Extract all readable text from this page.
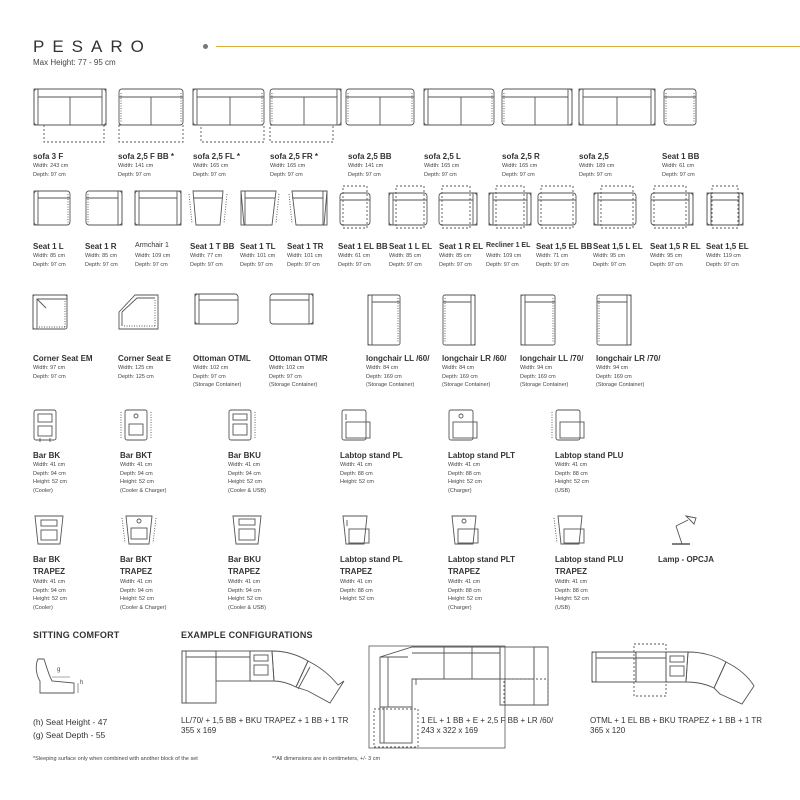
PESARO
Max Height: 77 - 95 cm
sofa 3 F
Width: 243 cm
Depth: 97 cm
sofa 2,5 F BB *
Width: 141 cm
Depth: 97 cm
sofa 2,5 FL *
Width: 165 cm
Depth: 97 cm
sofa 2,5 FR *
Width: 165 cm
Depth: 97 cm
sofa 2,5 BB
Width: 141 cm
Depth: 97 cm
sofa 2,5 L
Width: 165 cm
Depth: 97 cm
sofa 2,5 R
Width: 165 cm
Depth: 97 cm
sofa 2,5
Width: 189 cm
Depth: 97 cm
Seat 1 BB
Width: 61 cm
Depth: 97 cm
Seat 1 L
Width: 85 cm
Depth: 97 cm
Seat 1 R
Width: 85 cm
Depth: 97 cm
Armchair 1
Width: 109 cm
Depth: 97 cm
Seat 1 T BB
Width: 77 cm
Depth: 97 cm
Seat 1 TL
Width: 101 cm
Depth: 97 cm
Seat 1 TR
Width: 101 cm
Depth: 97 cm
Seat 1 EL BB
Width: 61 cm
Depth: 97 cm
Seat 1 L EL
Width: 85 cm
Depth: 97 cm
Seat 1 R EL
Width: 85 cm
Depth: 97 cm
Recliner 1 EL
Width: 109 cm
Depth: 97 cm
Seat 1,5 EL BB
Width: 71 cm
Depth: 97 cm
Seat 1,5 L EL
Width: 95 cm
Depth: 97 cm
Seat 1,5 R EL
Width: 95 cm
Depth: 97 cm
Seat 1,5 EL
Width: 119 cm
Depth: 97 cm
Corner Seat EM
Width: 97 cm
Depth: 97 cm
Corner Seat E
Width: 125 cm
Depth: 125 cm
Ottoman OTML
Width: 102 cm
Depth: 97 cm
(Storage Container)
Ottoman OTMR
Width: 102 cm
Depth: 97 cm
(Storage Container)
longchair LL /60/
Width: 84 cm
Depth: 169 cm
(Storage Container)
longchair LR /60/
Width: 84 cm
Depth: 169 cm
(Storage Container)
longchair LL /70/
Width: 94 cm
Depth: 169 cm
(Storage Container)
longchair LR /70/
Width: 94 cm
Depth: 169 cm
(Storage Container)
Bar BK
Width: 41 cm
Depth: 94 cm
Height: 52 cm
(Cooler)
Bar BKT
Width: 41 cm
Depth: 94 cm
Height: 52 cm
(Cooler & Charger)
Bar BKU
Width: 41 cm
Depth: 94 cm
Height: 52 cm
(Cooler & USB)
Labtop stand PL
Width: 41 cm
Depth: 88 cm
Height: 52 cm
Labtop stand PLT
Width: 41 cm
Depth: 88 cm
Height: 52 cm
(Charger)
Labtop stand PLU
Width: 41 cm
Depth: 88 cm
Height: 52 cm
(USB)
Bar BK
TRAPEZ
Width: 41 cm
Depth: 94 cm
Height: 52 cm
(Cooler)
Bar BKT
TRAPEZ
Width: 41 cm
Depth: 94 cm
Height: 52 cm
(Cooler & Charger)
Bar BKU
TRAPEZ
Width: 41 cm
Depth: 94 cm
Height: 52 cm
(Cooler & USB)
Labtop stand PL
TRAPEZ
Width: 41 cm
Depth: 88 cm
Height: 52 cm
Labtop stand PLT
TRAPEZ
Width: 41 cm
Depth: 88 cm
Height: 52 cm
(Charger)
Labtop stand PLU
TRAPEZ
Width: 41 cm
Depth: 88 cm
Height: 52 cm
(USB)
Lamp - OPCJA
SITTING COMFORT	EXAMPLE CONFIGURATIONS
g
h
(h) Seat Height - 47
(g) Seat Depth - 55
LL/70/ + 1,5 BB + BKU TRAPEZ + 1 BB + 1 TR
355 x 169
1 EL + 1 BB + E + 2,5 F BB + LR /60/
243 x 322 x 169
OTML + 1 EL BB + BKU TRAPEZ + 1 BB + 1 TR
365 x 120
*Sleeping surface only when combined with another block of the set	**All dimensions are in centimeters, +/- 3 cm
